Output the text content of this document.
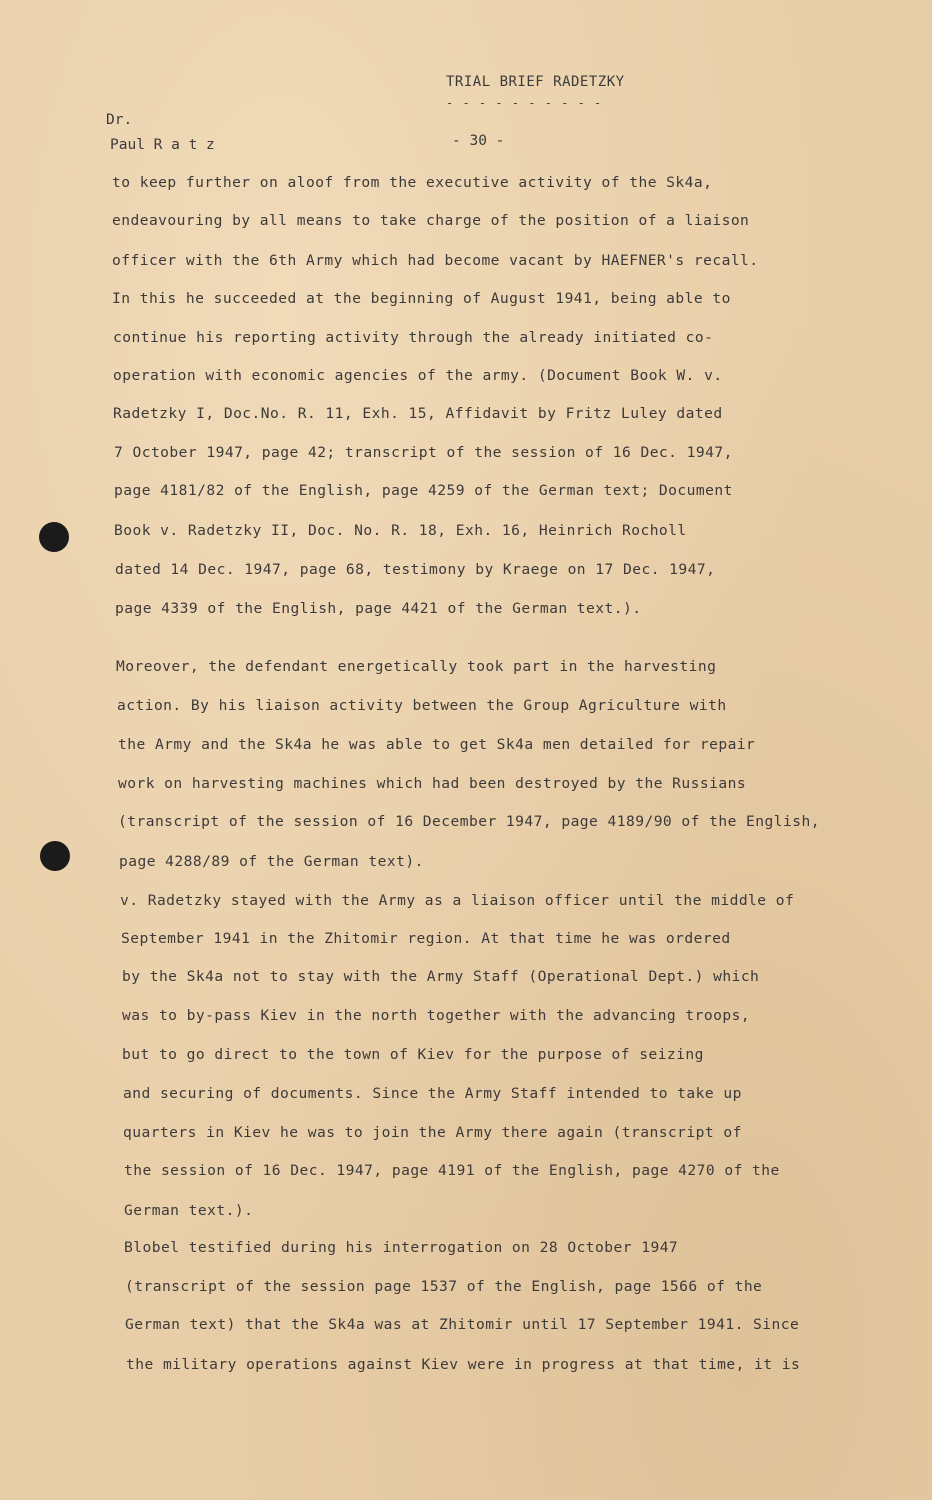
TRIAL BRIEF RADETZKY
- - - - - - - - - -
Dr.
Paul R a t z	- 30 -
to keep further on aloof from the executive activity of the Sk4a,
endeavouring by all means to take charge of the position of a liaison
officer with the 6th Army which had become vacant by HAEFNER's recall.
In this he succeeded at the beginning of August 1941, being able to
continue his reporting activity through the already initiated co-
operation with economic agencies of the army. (Document Book W. v.
Radetzky I, Doc.No. R. 11, Exh. 15, Affidavit by Fritz Luley dated
7 October 1947, page 42; transcript of the session of 16 Dec. 1947,
page 4181/82 of the English, page 4259 of the German text; Document
Book v. Radetzky II, Doc. No. R. 18, Exh. 16, Heinrich Rocholl
dated 14 Dec. 1947, page 68, testimony by Kraege on 17 Dec. 1947,
page 4339 of the English, page 4421 of the German text.).
Moreover, the defendant energetically took part in the harvesting
action. By his liaison activity between the Group Agriculture with
the Army and the Sk4a he was able to get Sk4a men detailed for repair
work on harvesting machines which had been destroyed by the Russians
(transcript of the session of 16 December 1947, page 4189/90 of the English,
page 4288/89 of the German text).
v. Radetzky stayed with the Army as a liaison officer until the middle of
September 1941 in the Zhitomir region. At that time he was ordered
by the Sk4a not to stay with the Army Staff (Operational Dept.) which
was to by-pass Kiev in the north together with the advancing troops,
but to go direct to the town of Kiev for the purpose of seizing
and securing of documents. Since the Army Staff intended to take up
quarters in Kiev he was to join the Army there again (transcript of
the session of 16 Dec. 1947, page 4191 of the English, page 4270 of the
German text.).
Blobel testified during his interrogation on 28 October 1947
(transcript of the session page 1537 of the English, page 1566 of the
German text) that the Sk4a was at Zhitomir until 17 September 1941. Since
the military operations against Kiev were in progress at that time, it is
